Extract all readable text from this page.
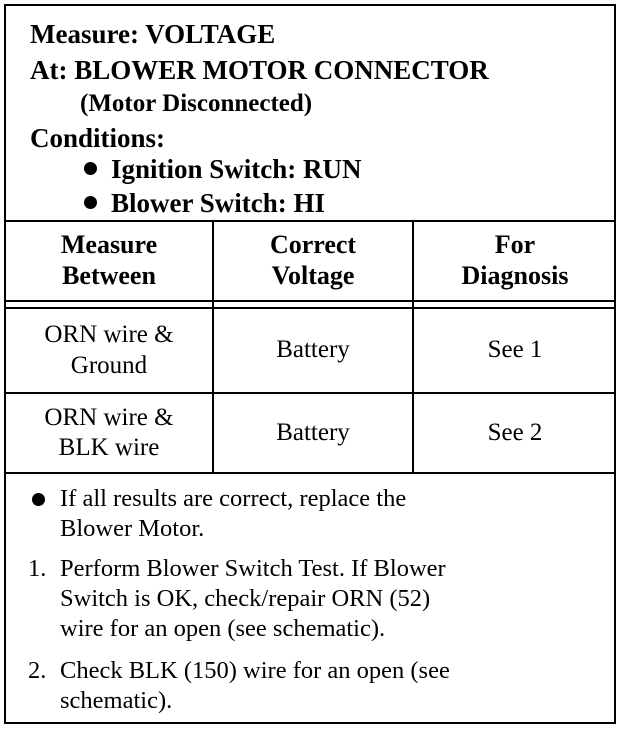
Measure: VOLTAGE
At: BLOWER MOTOR CONNECTOR
(Motor Disconnected)
Conditions:
Ignition Switch: RUN
Blower Switch: HI
Measure
Between
Correct
Voltage
For
Diagnosis
ORN wire &
Ground
Battery	See 1
ORN wire &
BLK wire
Battery	See 2
If all results are correct, replace the
Blower Motor.
1. Perform Blower Switch Test. If Blower
Switch is OK, check/repair ORN (52)
wire for an open (see schematic).
2. Check BLK (150) wire for an open (see
schematic).
